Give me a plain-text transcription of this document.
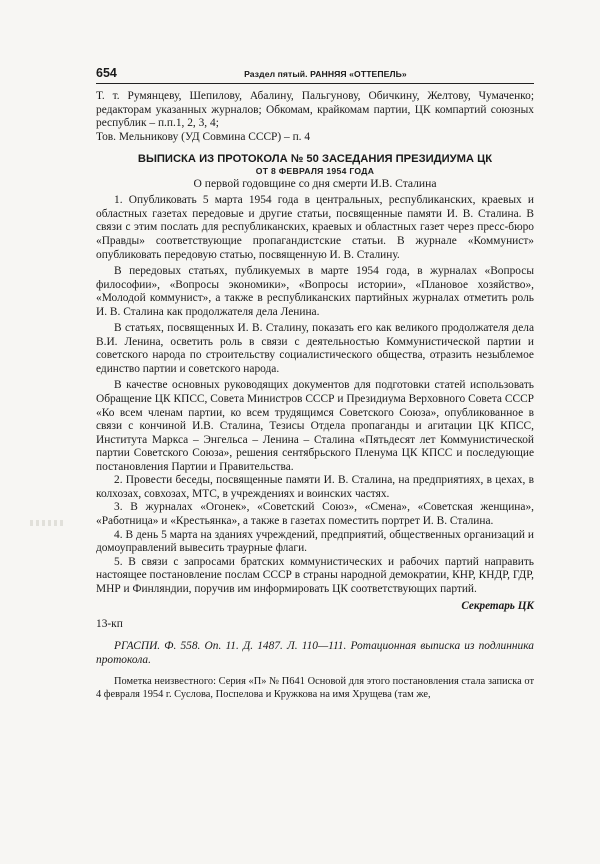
654	Раздел пятый. РАННЯЯ «ОТТЕПЕЛЬ»

Т. т. Румянцеву, Шепилову, Абалину, Пальгунову, Обичкину, Желтову, Чумаченко; редакторам указанных журналов; Обкомам, крайкомам партии, ЦК компартий союзных республик – п.п.1, 2, 3, 4;

Тов. Мельникову (УД Совмина СССР) – п. 4

ВЫПИСКА ИЗ ПРОТОКОЛА № 50 ЗАСЕДАНИЯ ПРЕЗИДИУМА ЦК
ОТ 8 ФЕВРАЛЯ 1954 ГОДА
О первой годовщине со дня смерти И.В. Сталина

1. Опубликовать 5 марта 1954 года в центральных, республиканских, краевых и областных газетах передовые и другие статьи, посвященные памяти И. В. Сталина. В связи с этим послать для республиканских, краевых и областных газет через пресс-бюро «Правды» соответствующие пропагандистские статьи. В журнале «Коммунист» опубликовать передовую статью, посвященную И. В. Сталину.

В передовых статьях, публикуемых в марте 1954 года, в журналах «Вопросы философии», «Вопросы экономики», «Вопросы истории», «Плановое хозяйство», «Молодой коммунист», а также в республиканских партийных журналах отметить роль И. В. Сталина как продолжателя дела Ленина.

В статьях, посвященных И. В. Сталину, показать его как великого продолжателя дела В.И. Ленина, осветить роль в связи с деятельностью Коммунистической партии и советского народа по строительству социалистического общества, отразить незыблемое единство партии и советского народа.

В качестве основных руководящих документов для подготовки статей использовать Обращение ЦК КПСС, Совета Министров СССР и Президиума Верховного Совета СССР «Ко всем членам партии, ко всем трудящимся Советского Союза», опубликованное в связи с кончиной И.В. Сталина, Тезисы Отдела пропаганды и агитации ЦК КПСС, Института Маркса – Энгельса – Ленина – Сталина «Пятьдесят лет Коммунистической партии Советского Союза», решения сентябрьского Пленума ЦК КПСС и последующие постановления Партии и Правительства.

2. Провести беседы, посвященные памяти И. В. Сталина, на предприятиях, в цехах, в колхозах, совхозах, МТС, в учреждениях и воинских частях.

3. В журналах «Огонек», «Советский Союз», «Смена», «Советская женщина», «Работница» и «Крестьянка», а также в газетах поместить портрет И. В. Сталина.

4. В день 5 марта на зданиях учреждений, предприятий, общественных организаций и домоуправлений вывесить траурные флаги.

5. В связи с запросами братских коммунистических и рабочих партий направить настоящее постановление послам СССР в страны народной демократии, КНР, КНДР, ГДР, МНР и Финляндии, поручив им информировать ЦК соответствующих партий.

Секретарь ЦК
13-кп
РГАСПИ. Ф. 558. Оп. 11. Д. 1487. Л. 110—111. Ротационная выписка из подлинника протокола.
Пометка неизвестного: Серия «П» № П641 Основой для этого постановления стала записка от 4 февраля 1954 г. Суслова, Поспелова и Кружкова на имя Хрущева (там же,
